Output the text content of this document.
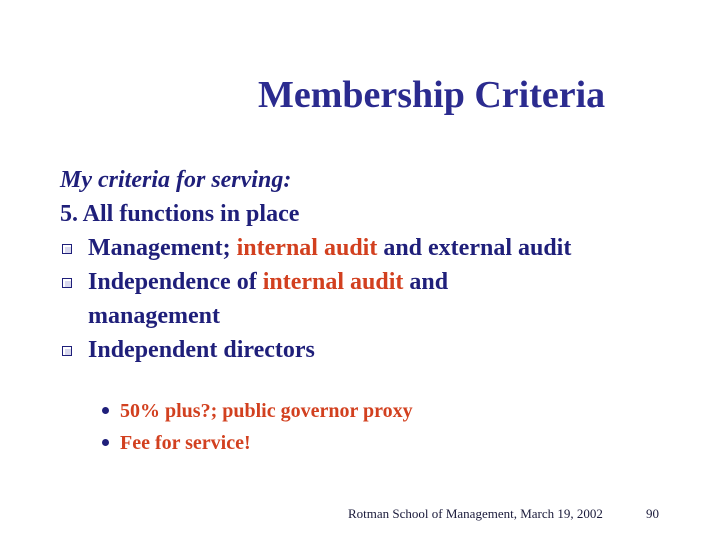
Membership Criteria
My criteria for serving:
5. All functions in place
Management; internal audit and external audit
Independence of internal audit and management
Independent directors
50% plus?; public governor proxy
Fee for service!
Rotman School of Management, March 19, 2002	90
